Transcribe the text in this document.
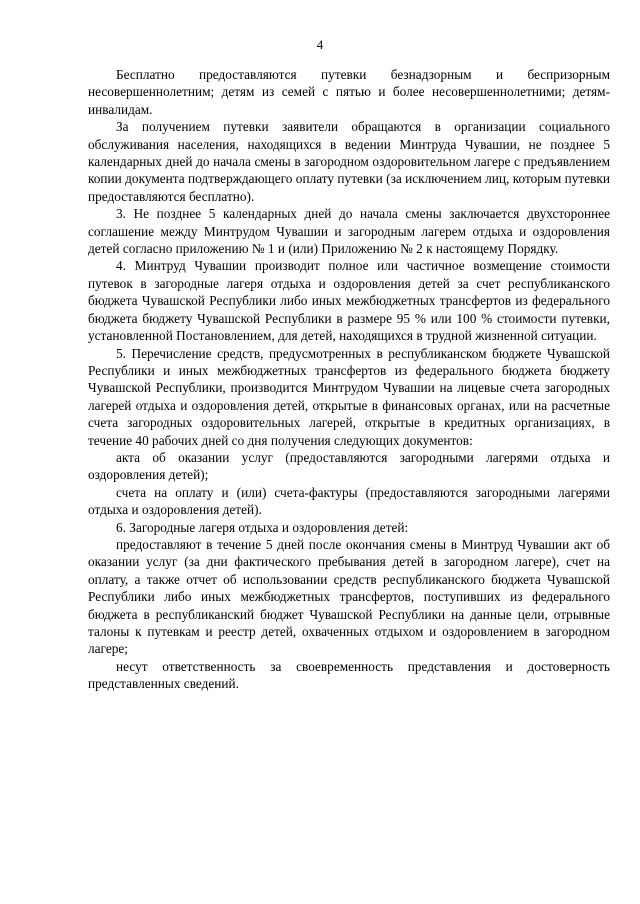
4

Бесплатно предоставляются путевки безнадзорным и беспризорным несовершеннолетним; детям из семей с пятью и более несовершеннолетними; детям-инвалидам.

За получением путевки заявители обращаются в организации социального обслуживания населения, находящихся в ведении Минтруда Чувашии, не позднее 5 календарных дней до начала смены в загородном оздоровительном лагере с предъявлением копии документа подтверждающего оплату путевки (за исключением лиц, которым путевки предоставляются бесплатно).

3. Не позднее 5 календарных дней до начала смены заключается двухстороннее соглашение между Минтрудом Чувашии и загородным лагерем отдыха и оздоровления детей согласно приложению № 1 и (или) Приложению № 2 к настоящему Порядку.

4. Минтруд Чувашии производит полное или частичное возмещение стоимости путевок в загородные лагеря отдыха и оздоровления детей за счет республиканского бюджета Чувашской Республики либо иных межбюджетных трансфертов из федерального бюджета бюджету Чувашской Республики в размере 95 % или 100 % стоимости путевки, установленной Постановлением, для детей, находящихся в трудной жизненной ситуации.

5. Перечисление средств, предусмотренных в республиканском бюджете Чувашской Республики и иных межбюджетных трансфертов из федерального бюджета бюджету Чувашской Республики, производится Минтрудом Чувашии на лицевые счета загородных лагерей отдыха и оздоровления детей, открытые в финансовых органах, или на расчетные счета загородных оздоровительных лагерей, открытые в кредитных организациях, в течение 40 рабочих дней со дня получения следующих документов:

акта об оказании услуг (предоставляются загородными лагерями отдыха и оздоровления детей);

счета на оплату и (или) счета-фактуры (предоставляются загородными лагерями отдыха и оздоровления детей).

6. Загородные лагеря отдыха и оздоровления детей:

предоставляют в течение 5 дней после окончания смены в Минтруд Чувашии акт об оказании услуг (за дни фактического пребывания детей в загородном лагере), счет на оплату, а также отчет об использовании средств республиканского бюджета Чувашской Республики либо иных межбюджетных трансфертов, поступивших из федерального бюджета в республиканский бюджет Чувашской Республики на данные цели, отрывные талоны к путевкам и реестр детей, охваченных отдыхом и оздоровлением в загородном лагере;

несут ответственность за своевременность представления и достоверность представленных сведений.
